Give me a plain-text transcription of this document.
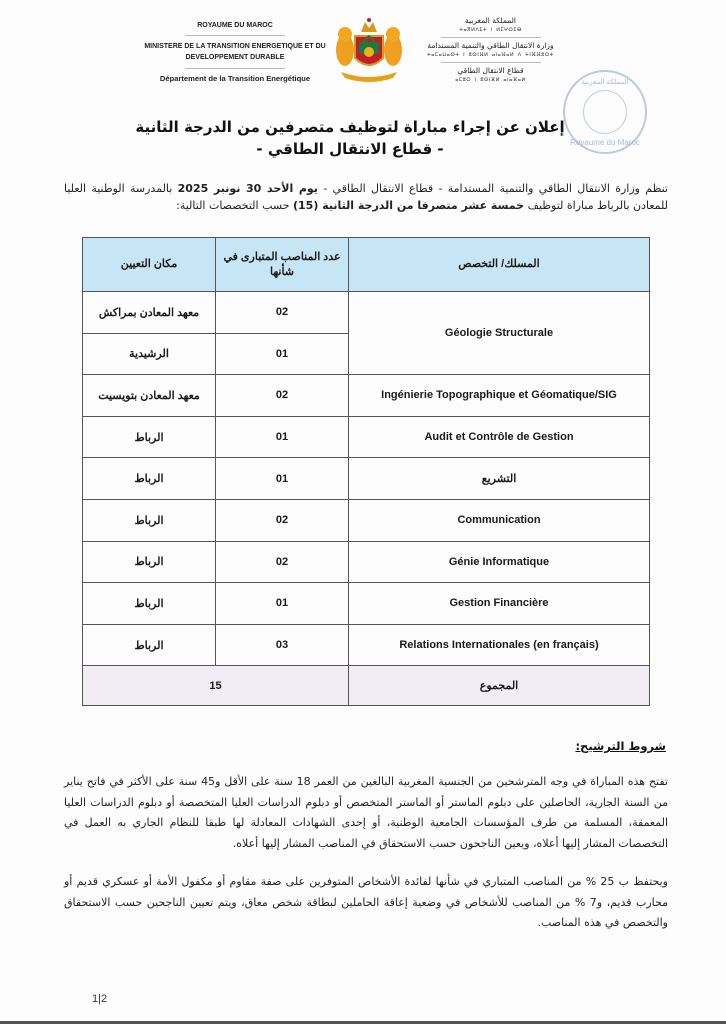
ROYAUME DU MAROC
MINISTERE DE LA TRANSITION ENERGETIQUE ET DU
DEVELOPPEMENT DURABLE
Département de la Transition Energétique
المملكة المغربية
ⵜⴰⴳⵍⴷⵉⵜ ⵏ ⵍⵎⵖⵔⵉⴱ
وزارة الانتقال الطاقي والتنمية المستدامة
ⵜⴰⵎⴰⵡⴰⵙⵜ ⵏ ⵓⵙⵏⴼⵍ ⴰⵏⴰⴼⴰⵍ ⴷ ⵜⵏⴼⴼⵓⵔⵜ
قطاع الانتقال الطاقي
ⴰⵎⵓⵔ ⵏ ⵓⵙⵏⴼⵍ ⴰⵏⴰⴼⴰⵍ	المملكة المغربية
Royaume du Maroc
إعلان عن إجراء مباراة لتوظيف متصرفين من الدرجة الثانية
- قطاع الانتقال الطاقي -
تنظم وزارة الانتقال الطاقي والتنمية المستدامة - قطاع الانتقال الطاقي - يوم الأحد 30 نونبر 2025 بالمدرسة الوطنية العليا للمعادن بالرباط مباراة لتوظيف خمسة عشر متصرفا من الدرجة الثانية (15) حسب التخصصات التالية:
المسلك/ التخصص	عدد المناصب المتبارى في شأنها	مكان التعيين
Géologie Structurale	02	معهد المعادن بمراكش
	01	الرشيدية
Ingénierie Topographique et Géomatique/SIG	02	معهد المعادن بتويسيت
Audit et Contrôle de Gestion	01	الرباط
التشريع	01	الرباط
Communication	02	الرباط
Génie Informatique	02	الرباط
Gestion Financière	01	الرباط
Relations Internationales (en français)	03	الرباط
المجموع	15	
شروط الترشيح:
تفتح هذه المباراة في وجه المترشحين من الجنسية المغربية البالغين من العمر 18 سنة على الأقل و45 سنة على الأكثر في فاتح يناير من السنة الجارية، الحاصلين على دبلوم الماستر أو الماستر المتخصص أو دبلوم الدراسات العليا المتخصصة أو دبلوم الدراسات العليا المعمقة، المسلمة من طرف المؤسسات الجامعية الوطنية، أو إحدى الشهادات المعادلة لها طبقا للنظام الجاري به العمل في التخصصات المشار إليها أعلاه، ويعين الناجحون حسب الاستحقاق في المناصب المشار إليها أعلاه.
ويحتفظ ب 25 % من المناصب المتباري في شأنها لفائدة الأشخاص المتوفرين على صفة مقاوم أو مكفول الأمة أو عسكري قديم أو محارب قديم، و7 % من المناصب للأشخاص في وضعية إعاقة الحاملين لبطاقة شخص معاق، ويتم تعيين الناجحين حسب الاستحقاق والتخصص في هذه المناصب.
1|2
